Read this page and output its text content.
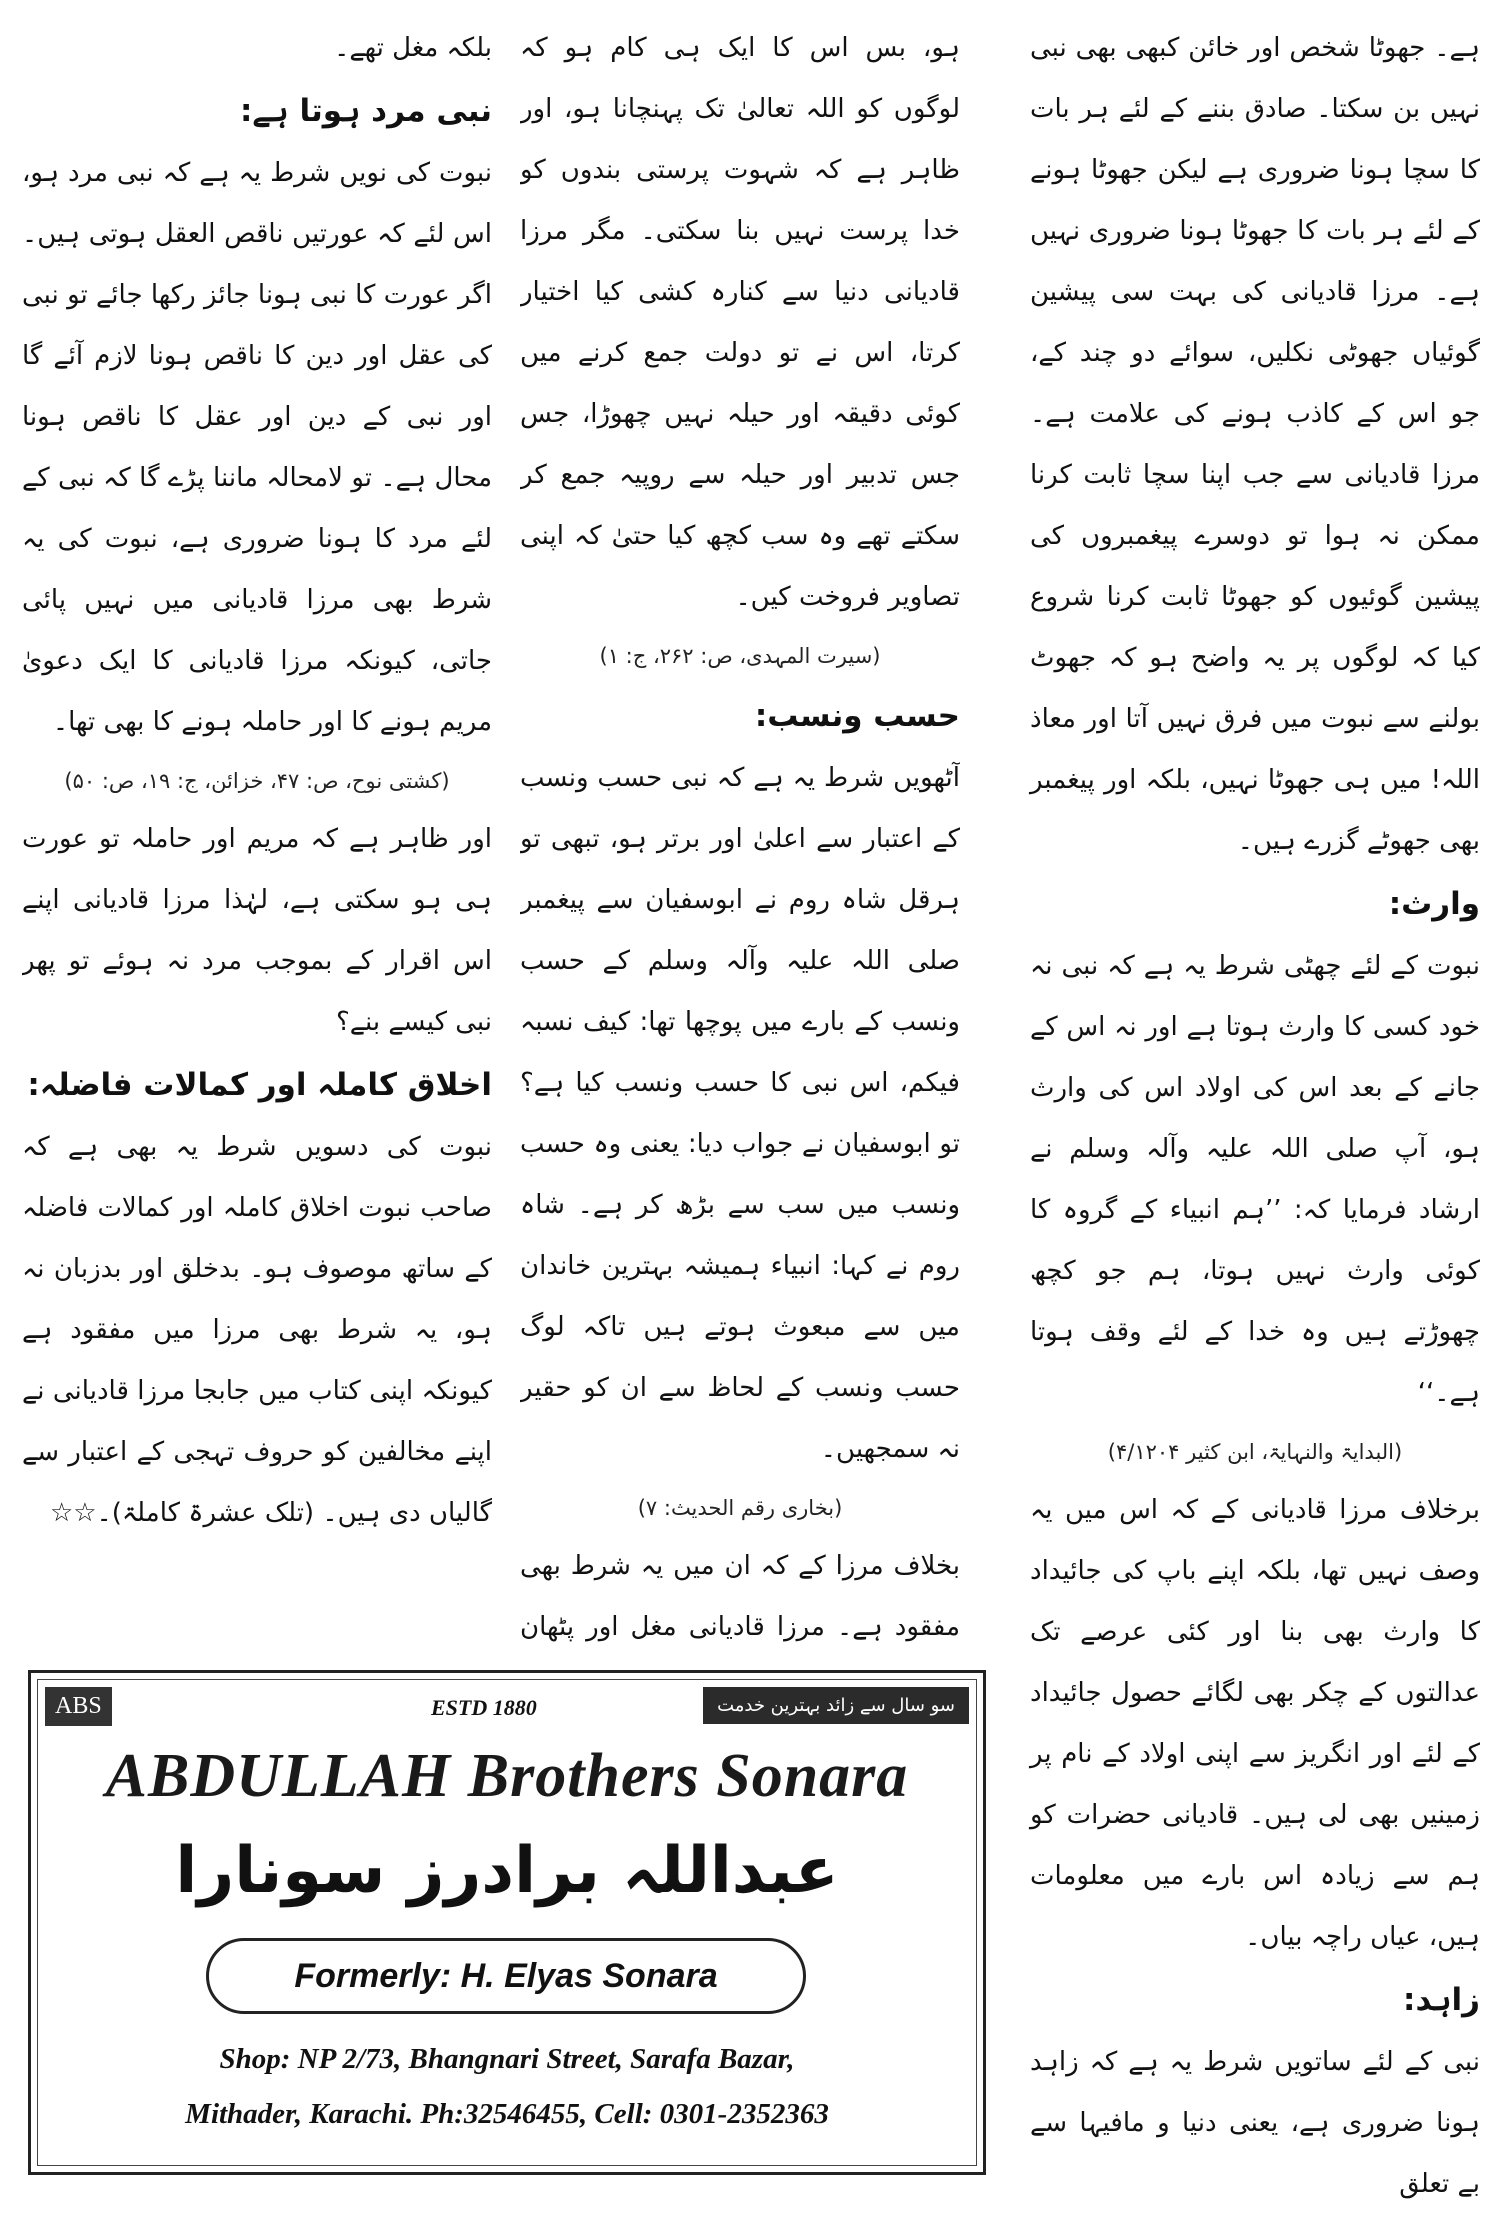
ہے۔ جھوٹا شخص اور خائن کبھی بھی نبی نہیں بن سکتا۔ صادق بننے کے لئے ہر بات کا سچا ہونا ضروری ہے لیکن جھوٹا ہونے کے لئے ہر بات کا جھوٹا ہونا ضروری نہیں ہے۔ مرزا قادیانی کی بہت سی پیشین گوئیاں جھوٹی نکلیں، سوائے دو چند کے، جو اس کے کاذب ہونے کی علامت ہے۔ مرزا قادیانی سے جب اپنا سچا ثابت کرنا ممکن نہ ہوا تو دوسرے پیغمبروں کی پیشین گوئیوں کو جھوٹا ثابت کرنا شروع کیا کہ لوگوں پر یہ واضح ہو کہ جھوٹ بولنے سے نبوت میں فرق نہیں آتا اور معاذ اللہ! میں ہی جھوٹا نہیں، بلکہ اور پیغمبر بھی جھوٹے گزرے ہیں۔

وارث:

نبوت کے لئے چھٹی شرط یہ ہے کہ نبی نہ خود کسی کا وارث ہوتا ہے اور نہ اس کے جانے کے بعد اس کی اولاد اس کی وارث ہو، آپ صلی اللہ علیہ وآلہ وسلم نے ارشاد فرمایا کہ: ’’ہم انبیاء کے گروہ کا کوئی وارث نہیں ہوتا، ہم جو کچھ چھوڑتے ہیں وہ خدا کے لئے وقف ہوتا ہے۔‘‘

(البدایۃ والنہایۃ، ابن کثیر ۴/۱۲۰۴)

برخلاف مرزا قادیانی کے کہ اس میں یہ وصف نہیں تھا، بلکہ اپنے باپ کی جائیداد کا وارث بھی بنا اور کئی عرصے تک عدالتوں کے چکر بھی لگائے حصول جائیداد کے لئے اور انگریز سے اپنی اولاد کے نام پر زمینیں بھی لی ہیں۔ قادیانی حضرات کو ہم سے زیادہ اس بارے میں معلومات ہیں، عیاں راچہ بیاں۔

زاہد:

نبی کے لئے ساتویں شرط یہ ہے کہ زاہد ہونا ضروری ہے، یعنی دنیا و مافیہا سے بے تعلق

ہو، بس اس کا ایک ہی کام ہو کہ لوگوں کو اللہ تعالیٰ تک پہنچانا ہو، اور ظاہر ہے کہ شہوت پرستی بندوں کو خدا پرست نہیں بنا سکتی۔ مگر مرزا قادیانی دنیا سے کنارہ کشی کیا اختیار کرتا، اس نے تو دولت جمع کرنے میں کوئی دقیقہ اور حیلہ نہیں چھوڑا، جس جس تدبیر اور حیلہ سے روپیہ جمع کر سکتے تھے وہ سب کچھ کیا حتیٰ کہ اپنی تصاویر فروخت کیں۔

(سیرت المہدی، ص: ۲۶۲، ج: ۱)

حسب ونسب:

آٹھویں شرط یہ ہے کہ نبی حسب ونسب کے اعتبار سے اعلیٰ اور برتر ہو، تبھی تو ہرقل شاہ روم نے ابوسفیان سے پیغمبر صلی اللہ علیہ وآلہ وسلم کے حسب ونسب کے بارے میں پوچھا تھا: کیف نسبہ فیکم، اس نبی کا حسب ونسب کیا ہے؟ تو ابوسفیان نے جواب دیا: یعنی وہ حسب ونسب میں سب سے بڑھ کر ہے۔ شاہ روم نے کہا: انبیاء ہمیشہ بہترین خاندان میں سے مبعوث ہوتے ہیں تاکہ لوگ حسب ونسب کے لحاظ سے ان کو حقیر نہ سمجھیں۔

(بخاری رقم الحدیث: ۷)

بخلاف مرزا کے کہ ان میں یہ شرط بھی مفقود ہے۔ مرزا قادیانی مغل اور پٹھان

بلکہ مغل تھے۔

نبی مرد ہوتا ہے:

نبوت کی نویں شرط یہ ہے کہ نبی مرد ہو، اس لئے کہ عورتیں ناقص العقل ہوتی ہیں۔ اگر عورت کا نبی ہونا جائز رکھا جائے تو نبی کی عقل اور دین کا ناقص ہونا لازم آئے گا اور نبی کے دین اور عقل کا ناقص ہونا محال ہے۔ تو لامحالہ ماننا پڑے گا کہ نبی کے لئے مرد کا ہونا ضروری ہے، نبوت کی یہ شرط بھی مرزا قادیانی میں نہیں پائی جاتی، کیونکہ مرزا قادیانی کا ایک دعویٰ مریم ہونے کا اور حاملہ ہونے کا بھی تھا۔

(کشتی نوح، ص: ۴۷، خزائن، ج: ۱۹، ص: ۵۰)

اور ظاہر ہے کہ مریم اور حاملہ تو عورت ہی ہو سکتی ہے، لہٰذا مرزا قادیانی اپنے اس اقرار کے بموجب مرد نہ ہوئے تو پھر نبی کیسے بنے؟

اخلاق کاملہ اور کمالات فاضلہ:

نبوت کی دسویں شرط یہ بھی ہے کہ صاحب نبوت اخلاق کاملہ اور کمالات فاضلہ کے ساتھ موصوف ہو۔ بدخلق اور بدزبان نہ ہو، یہ شرط بھی مرزا میں مفقود ہے کیونکہ اپنی کتاب میں جابجا مرزا قادیانی نے اپنے مخالفین کو حروف تہجی کے اعتبار سے گالیاں دی ہیں۔ (تلک عشرۃ کاملۃ)۔☆☆

ABS	ESTD 1880	سو سال سے زائد بہترین خدمت
ABDULLAH Brothers Sonara
عبداللہ برادرز سونارا
Formerly: H. Elyas Sonara
Shop: NP 2/73, Bhangnari Street, Sarafa Bazar,
Mithader, Karachi. Ph:32546455, Cell: 0301-2352363
